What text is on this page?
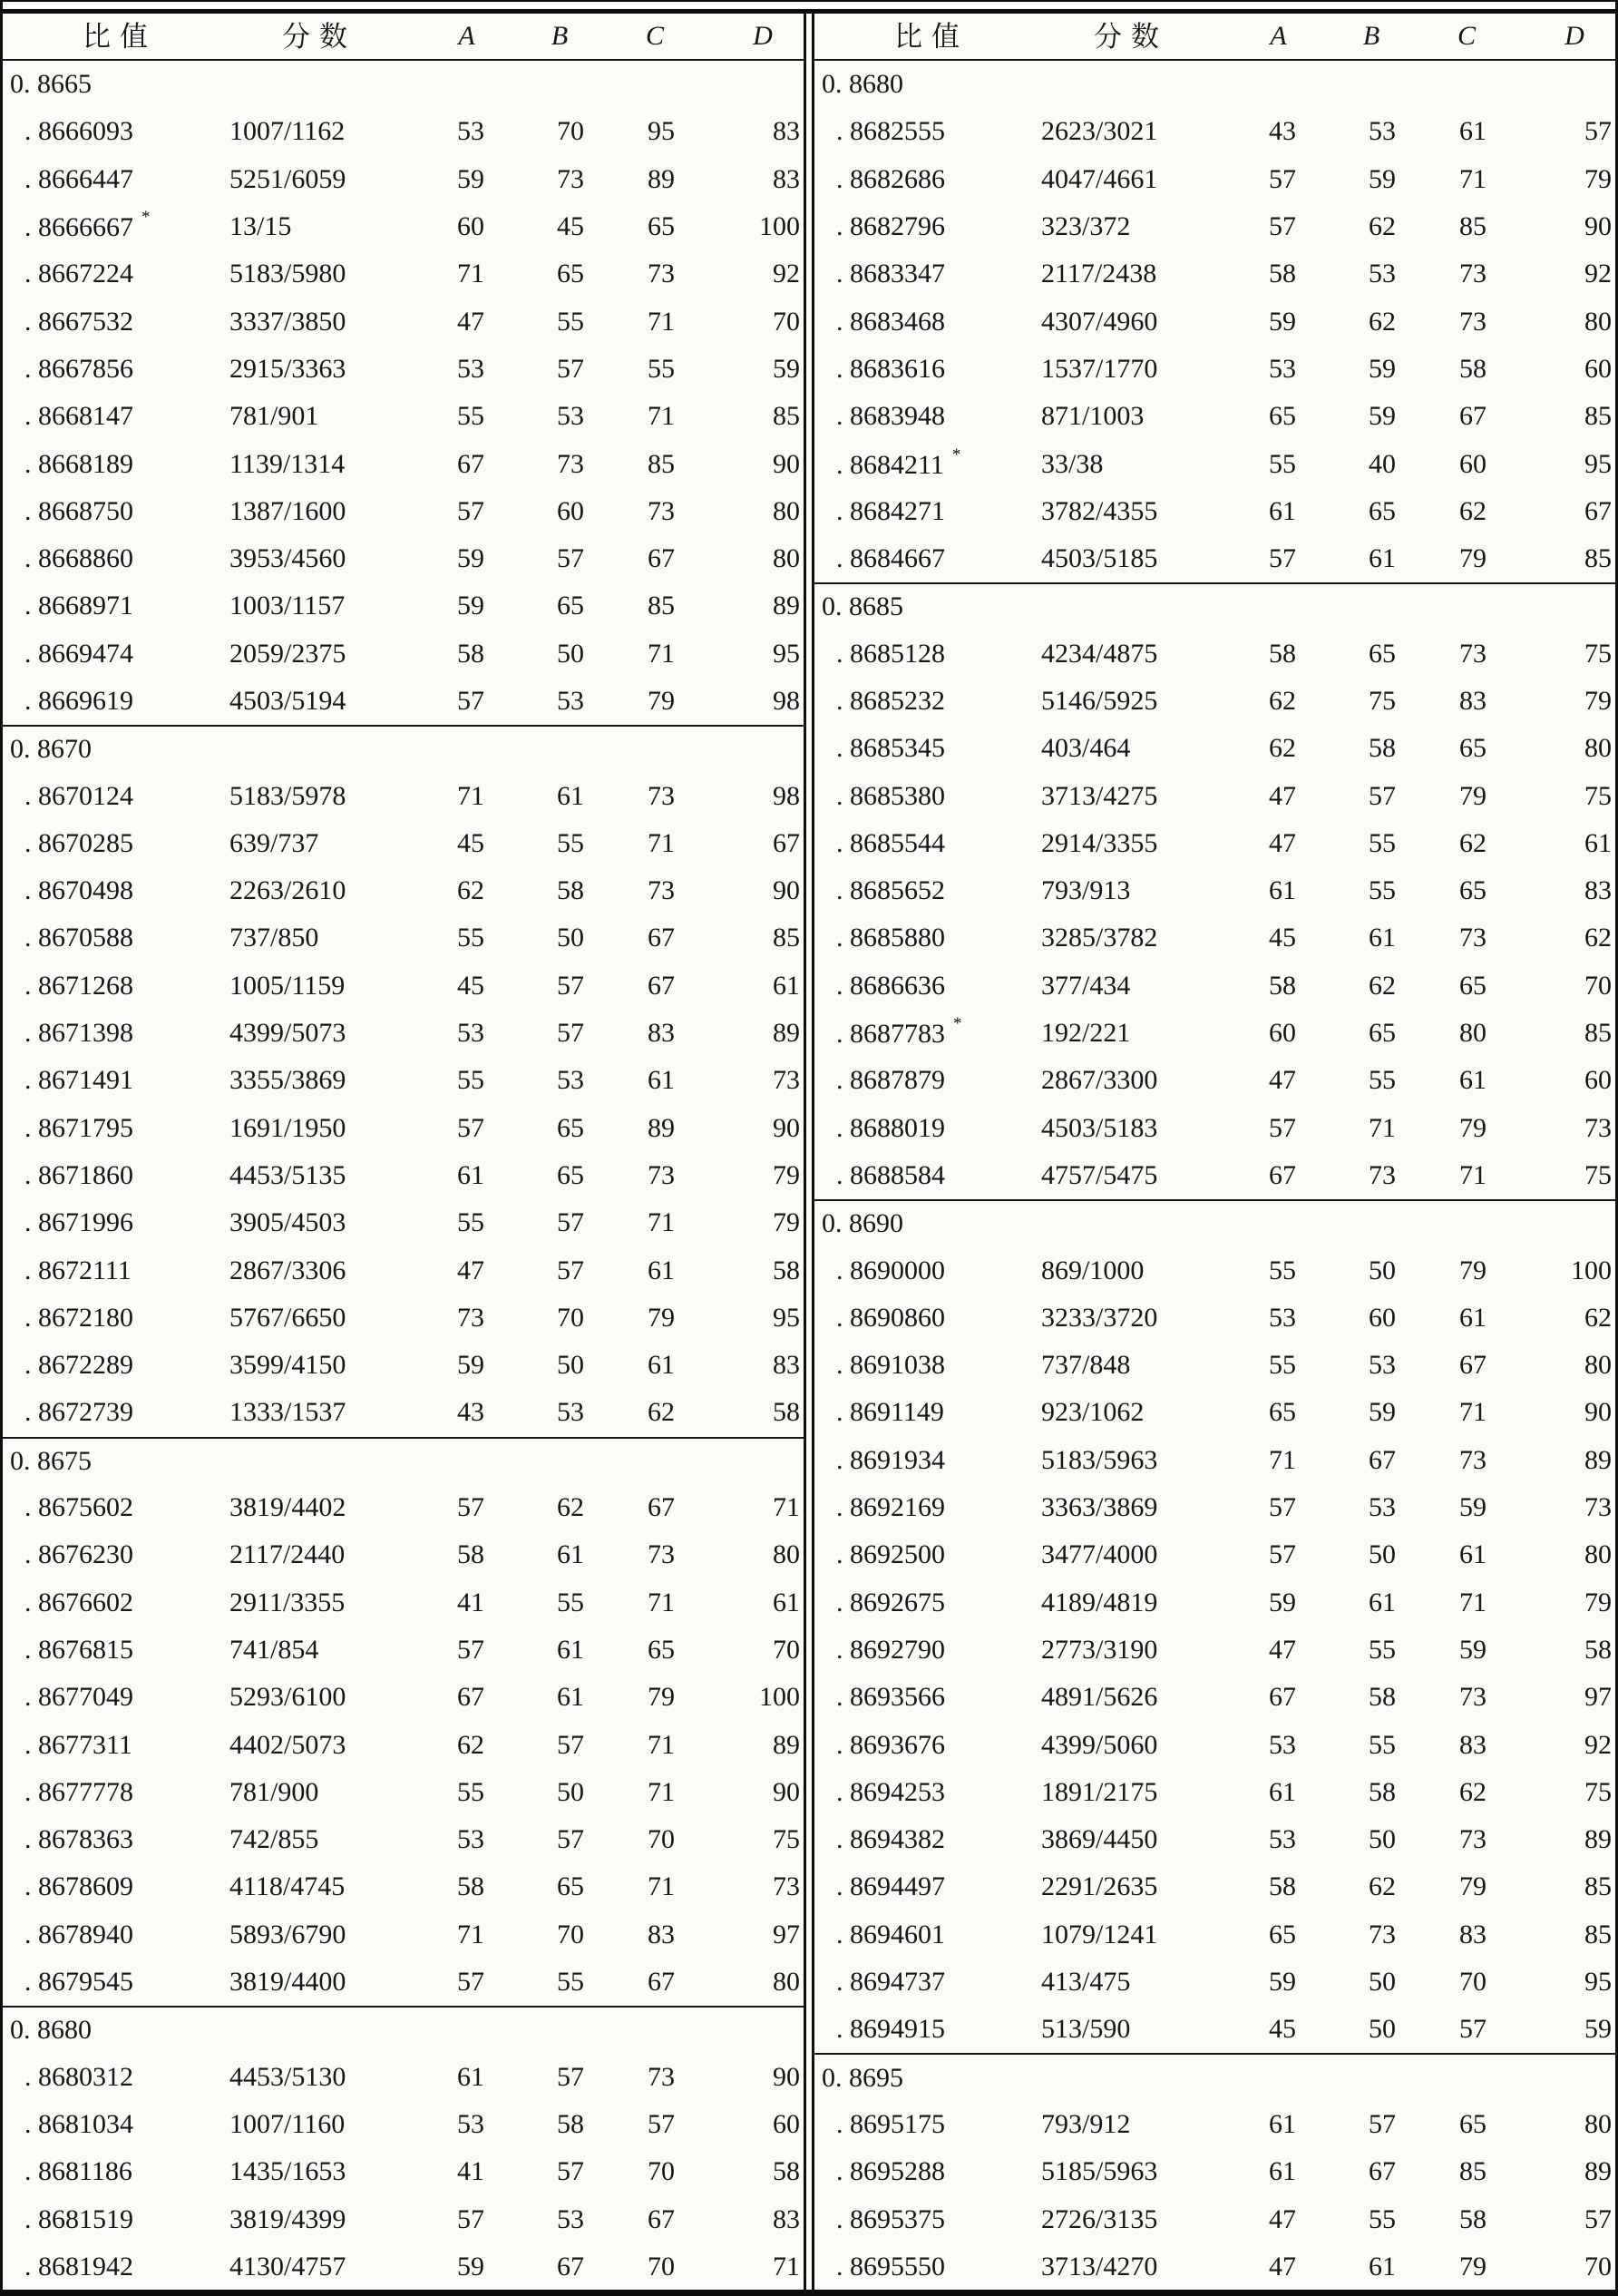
比值	分数	A	B	C	D
0. 8665
. 8666093	1007/1162	53	70	95	83
. 8666447	5251/6059	59	73	89	83
. 8666667 *	13/15	60	45	65	100
. 8667224	5183/5980	71	65	73	92
. 8667532	3337/3850	47	55	71	70
. 8667856	2915/3363	53	57	55	59
. 8668147	781/901	55	53	71	85
. 8668189	1139/1314	67	73	85	90
. 8668750	1387/1600	57	60	73	80
. 8668860	3953/4560	59	57	67	80
. 8668971	1003/1157	59	65	85	89
. 8669474	2059/2375	58	50	71	95
. 8669619	4503/5194	57	53	79	98
0. 8670
. 8670124	5183/5978	71	61	73	98
. 8670285	639/737	45	55	71	67
. 8670498	2263/2610	62	58	73	90
. 8670588	737/850	55	50	67	85
. 8671268	1005/1159	45	57	67	61
. 8671398	4399/5073	53	57	83	89
. 8671491	3355/3869	55	53	61	73
. 8671795	1691/1950	57	65	89	90
. 8671860	4453/5135	61	65	73	79
. 8671996	3905/4503	55	57	71	79
. 8672111	2867/3306	47	57	61	58
. 8672180	5767/6650	73	70	79	95
. 8672289	3599/4150	59	50	61	83
. 8672739	1333/1537	43	53	62	58
0. 8675
. 8675602	3819/4402	57	62	67	71
. 8676230	2117/2440	58	61	73	80
. 8676602	2911/3355	41	55	71	61
. 8676815	741/854	57	61	65	70
. 8677049	5293/6100	67	61	79	100
. 8677311	4402/5073	62	57	71	89
. 8677778	781/900	55	50	71	90
. 8678363	742/855	53	57	70	75
. 8678609	4118/4745	58	65	71	73
. 8678940	5893/6790	71	70	83	97
. 8679545	3819/4400	57	55	67	80
0. 8680
. 8680312	4453/5130	61	57	73	90
. 8681034	1007/1160	53	58	57	60
. 8681186	1435/1653	41	57	70	58
. 8681519	3819/4399	57	53	67	83
. 8681942	4130/4757	59	67	70	71
比值	分数	A	B	C	D
0. 8680
. 8682555	2623/3021	43	53	61	57
. 8682686	4047/4661	57	59	71	79
. 8682796	323/372	57	62	85	90
. 8683347	2117/2438	58	53	73	92
. 8683468	4307/4960	59	62	73	80
. 8683616	1537/1770	53	59	58	60
. 8683948	871/1003	65	59	67	85
. 8684211 *	33/38	55	40	60	95
. 8684271	3782/4355	61	65	62	67
. 8684667	4503/5185	57	61	79	85
0. 8685
. 8685128	4234/4875	58	65	73	75
. 8685232	5146/5925	62	75	83	79
. 8685345	403/464	62	58	65	80
. 8685380	3713/4275	47	57	79	75
. 8685544	2914/3355	47	55	62	61
. 8685652	793/913	61	55	65	83
. 8685880	3285/3782	45	61	73	62
. 8686636	377/434	58	62	65	70
. 8687783 *	192/221	60	65	80	85
. 8687879	2867/3300	47	55	61	60
. 8688019	4503/5183	57	71	79	73
. 8688584	4757/5475	67	73	71	75
0. 8690
. 8690000	869/1000	55	50	79	100
. 8690860	3233/3720	53	60	61	62
. 8691038	737/848	55	53	67	80
. 8691149	923/1062	65	59	71	90
. 8691934	5183/5963	71	67	73	89
. 8692169	3363/3869	57	53	59	73
. 8692500	3477/4000	57	50	61	80
. 8692675	4189/4819	59	61	71	79
. 8692790	2773/3190	47	55	59	58
. 8693566	4891/5626	67	58	73	97
. 8693676	4399/5060	53	55	83	92
. 8694253	1891/2175	61	58	62	75
. 8694382	3869/4450	53	50	73	89
. 8694497	2291/2635	58	62	79	85
. 8694601	1079/1241	65	73	83	85
. 8694737	413/475	59	50	70	95
. 8694915	513/590	45	50	57	59
0. 8695
. 8695175	793/912	61	57	65	80
. 8695288	5185/5963	61	67	85	89
. 8695375	2726/3135	47	55	58	57
. 8695550	3713/4270	47	61	79	70
